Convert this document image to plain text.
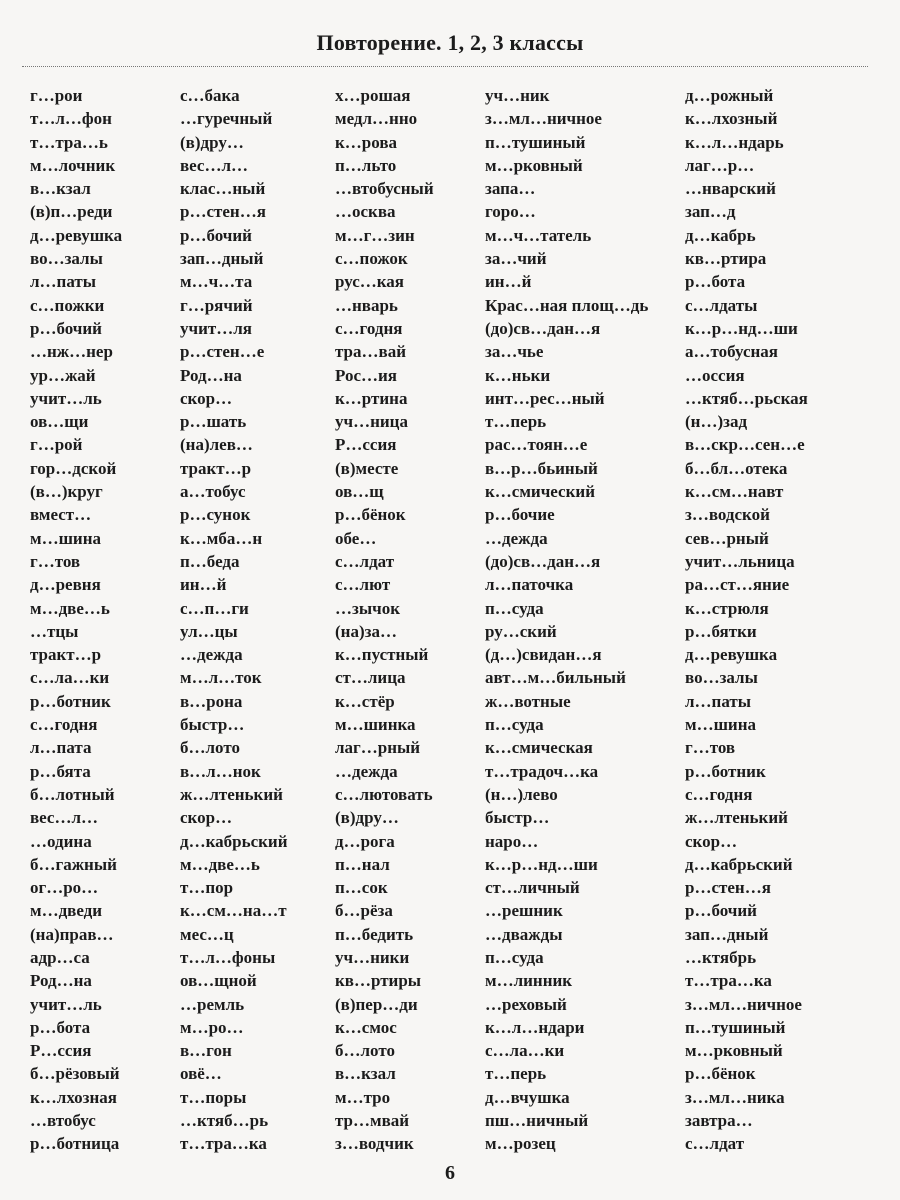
Повторение. 1, 2, 3 классы
г…рои
т…л…фон
т…тра…ь
м…лочник
в…кзал
(в)п…реди
д…ревушка
во…залы
л…паты
с…пожки
р…бочий
…нж…нер
ур…жай
учит…ль
ов…щи
г…рой
гор…дской
(в…)круг
вмест…
м…шина
г…тов
д…ревня
м…две…ь
…тцы
тракт…р
с…ла…ки
р…ботник
с…годня
л…пата
р…бята
б…лотный
вес…л…
…одина
б…гажный
ог…ро…
м…дведи
(на)прав…
адр…са
Род…на
учит…ль
р…бота
Р…ссия
б…рёзовый
к…лхозная
…втобус
р…ботница
с…бака
…гуречный
(в)дру…
вес…л…
клас…ный
р…стен…я
р…бочий
зап…дный
м…ч…та
г…рячий
учит…ля
р…стен…е
Род…на
скор…
р…шать
(на)лев…
тракт…р
а…тобус
р…сунок
к…мба…н
п…беда
ин…й
с…п…ги
ул…цы
…дежда
м…л…ток
в…рона
быстр…
б…лото
в…л…нок
ж…лтенький
скор…
д…кабрьский
м…две…ь
т…пор
к…см…на…т
мес…ц
т…л…фоны
ов…щной
…ремль
м…ро…
в…гон
овё…
т…поры
…ктяб…рь
т…тра…ка
х…рошая
медл…нно
к…рова
п…льто
…втобусный
…осква
м…г…зин
с…пожок
рус…кая
…нварь
с…годня
тра…вай
Рос…ия
к…ртина
уч…ница
Р…ссия
(в)месте
ов…щ
р…бёнок
обе…
с…лдат
с…лют
…зычок
(на)за…
к…пустный
ст…лица
к…стёр
м…шинка
лаг…рный
…дежда
с…лютовать
(в)дру…
д…рога
п…нал
п…сок
б…рёза
п…бедить
уч…ники
кв…ртиры
(в)пер…ди
к…смос
б…лото
в…кзал
м…тро
тр…мвай
з…водчик
уч…ник
з…мл…ничное
п…тушиный
м…рковный
запа…
горо…
м…ч…татель
за…чий
ин…й
Крас…ная площ…дь
(до)св…дан…я
за…чье
к…ньки
инт…рес…ный
т…перь
рас…тоян…е
в…р…бьиный
к…смический
р…бочие
…дежда
(до)св…дан…я
л…паточка
п…суда
ру…ский
(д…)свидан…я
авт…м…бильный
ж…вотные
п…суда
к…смическая
т…традоч…ка
(н…)лево
быстр…
наро…
к…р…нд…ши
ст…личный
…решник
…дважды
п…суда
м…линник
…реховый
к…л…ндари
с…ла…ки
т…перь
д…вчушка
пш…ничный
м…розец
д…рожный
к…лхозный
к…л…ндарь
лаг…р…
…нварский
зап…д
д…кабрь
кв…ртира
р…бота
с…лдаты
к…р…нд…ши
а…тобусная
…оссия
…ктяб…рьская
(н…)зад
в…скр…сен…е
б…бл…отека
к…см…навт
з…водской
сев…рный
учит…льница
ра…ст…яние
к…стрюля
р…бятки
д…ревушка
во…залы
л…паты
м…шина
г…тов
р…ботник
с…годня
ж…лтенький
скор…
д…кабрьский
р…стен…я
р…бочий
зап…дный
…ктябрь
т…тра…ка
з…мл…ничное
п…тушиный
м…рковный
р…бёнок
з…мл…ника
завтра…
с…лдат
6
